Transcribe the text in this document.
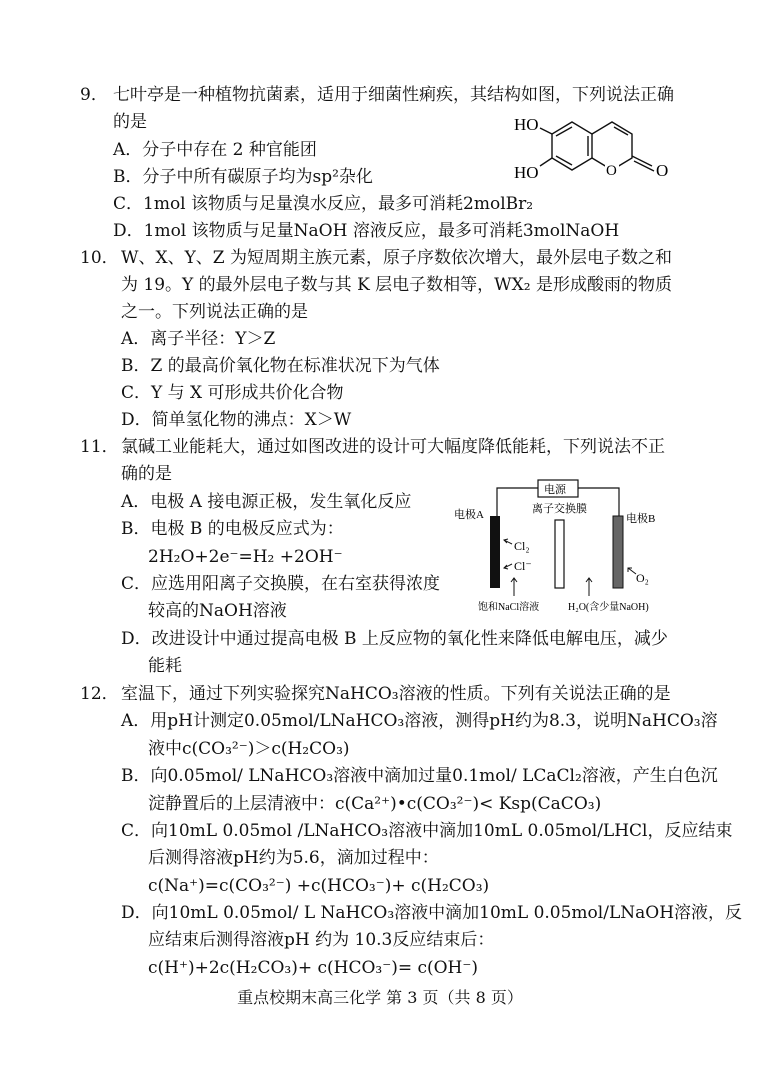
9． 七叶亭是一种植物抗菌素，适用于细菌性痢疾，其结构如图，下列说法正确
的是
A．分子中存在 2 种官能团
B．分子中所有碳原子均为sp²杂化
C．1mol 该物质与足量溴水反应，最多可消耗2molBr₂
D．1mol 该物质与足量NaOH 溶液反应，最多可消耗3molNaOH
HO
HO	O O
10． W、X、Y、Z 为短周期主族元素，原子序数依次增大，最外层电子数之和
为 19。Y 的最外层电子数与其 K 层电子数相等，WX₂ 是形成酸雨的物质
之一。下列说法正确的是
A．离子半径：Y＞Z
B．Z 的最高价氧化物在标准状况下为气体
C．Y 与 X 可形成共价化合物
D．简单氢化物的沸点：X＞W
11． 氯碱工业能耗大，通过如图改进的设计可大幅度降低能耗，下列说法不正
确的是
A．电极 A 接电源正极，发生氧化反应
B．电极 B 的电极反应式为：
2H₂O+2e⁻=H₂ +2OH⁻
C．应选用阳离子交换膜，在右室获得浓度
较高的NaOH溶液
D．改进设计中通过提高电极 B 上反应物的氧化性来降低电解电压，减少
能耗
电源
电极A	离子交换膜
电极B
Cl₂
Cl⁻
O₂
饱和NaCl溶液	H₂O(含少量NaOH)
12． 室温下，通过下列实验探究NaHCO₃溶液的性质。下列有关说法正确的是
A．用pH计测定0.05mol/LNaHCO₃溶液，测得pH约为8.3，说明NaHCO₃溶
液中c(CO₃²⁻)＞c(H₂CO₃)
B．向0.05mol/ LNaHCO₃溶液中滴加过量0.1mol/ LCaCl₂溶液，产生白色沉
淀静置后的上层清液中：c(Ca²⁺)•c(CO₃²⁻)< Ksp(CaCO₃)
C．向10mL 0.05mol /LNaHCO₃溶液中滴加10mL 0.05mol/LHCl，反应结束
后测得溶液pH约为5.6，滴加过程中：
c(Na⁺)=c(CO₃²⁻) +c(HCO₃⁻)+ c(H₂CO₃)
D．向10mL 0.05mol/ L NaHCO₃溶液中滴加10mL 0.05mol/LNaOH溶液，反
应结束后测得溶液pH 约为 10.3反应结束后：
c(H⁺)+2c(H₂CO₃)+ c(HCO₃⁻)= c(OH⁻)
重点校期末高三化学 第 3 页（共 8 页）
